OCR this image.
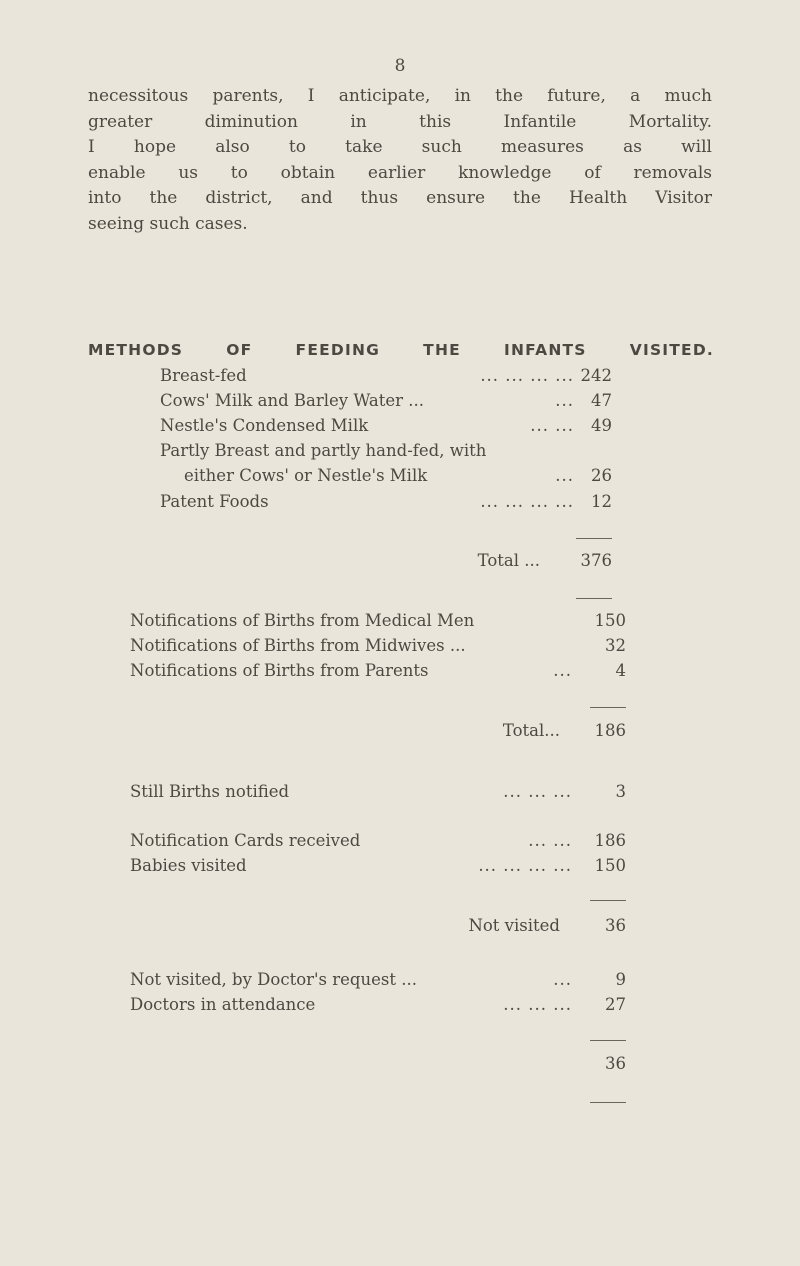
8
necessitous parents, I anticipate, in the future, a much
greater diminution in this Infantile Mortality.
I hope also to take such measures as will
enable us to obtain earlier knowledge of removals
into the district, and thus ensure the Health Visitor
seeing such cases.
METHODS OF FEEDING THE INFANTS VISITED.
Breast-fed	... ... ... ... 242
Cows' Milk and Barley Water ...	... 47
Nestle's Condensed Milk	... ... 49
Partly Breast and partly hand-fed, with
either Cows' or Nestle's Milk	... 26
Patent Foods	... ... ... ... 12
Total ... 376
Notifications of Births from Medical Men	150
Notifications of Births from Midwives ...	32
Notifications of Births from Parents	...	4
Total... 186
Still Births notified	... ... ...	3
Notification Cards received	... ... 186
Babies visited	... ... ... ... 150
Not visited	36
Not visited, by Doctor's request ...	...	9
Doctors in attendance	... ... ... 27
36
